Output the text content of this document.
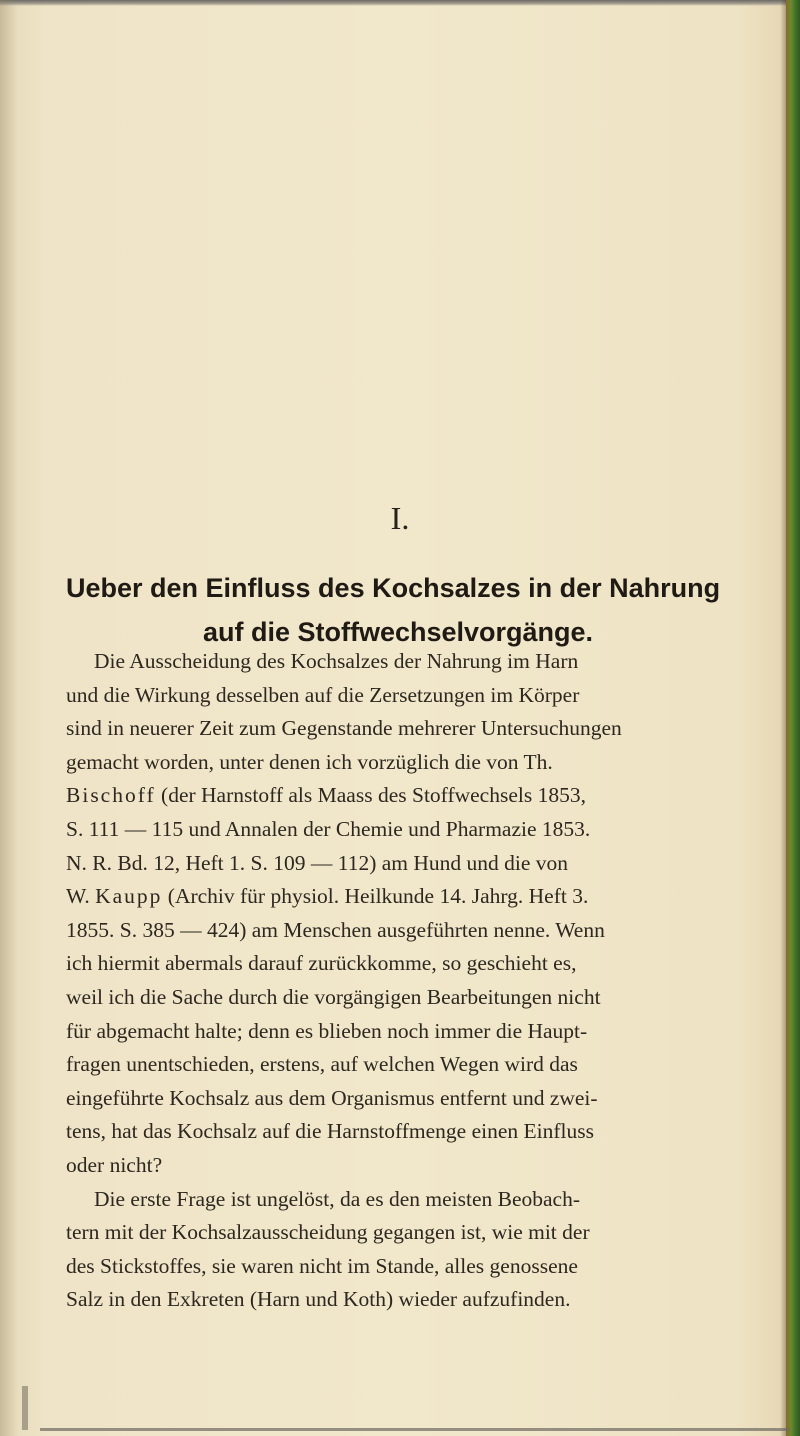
I.
Ueber den Einfluss des Kochsalzes in der Nahrung
auf die Stoffwechselvorgänge.
Die Ausscheidung des Kochsalzes der Nahrung im Harn
und die Wirkung desselben auf die Zersetzungen im Körper
sind in neuerer Zeit zum Gegenstande mehrerer Untersuchungen
gemacht worden, unter denen ich vorzüglich die von Th.
Bischoff (der Harnstoff als Maass des Stoffwechsels 1853,
S. 111 — 115 und Annalen der Chemie und Pharmazie 1853.
N. R. Bd. 12, Heft 1. S. 109 — 112) am Hund und die von
W. Kaupp (Archiv für physiol. Heilkunde 14. Jahrg. Heft 3.
1855. S. 385 — 424) am Menschen ausgeführten nenne. Wenn
ich hiermit abermals darauf zurückkomme, so geschieht es,
weil ich die Sache durch die vorgängigen Bearbeitungen nicht
für abgemacht halte; denn es blieben noch immer die Haupt-
fragen unentschieden, erstens, auf welchen Wegen wird das
eingeführte Kochsalz aus dem Organismus entfernt und zwei-
tens, hat das Kochsalz auf die Harnstoffmenge einen Einfluss
oder nicht?
Die erste Frage ist ungelöst, da es den meisten Beobach-
tern mit der Kochsalzausscheidung gegangen ist, wie mit der
des Stickstoffes, sie waren nicht im Stande, alles genossene
Salz in den Exkreten (Harn und Koth) wieder aufzufinden.
